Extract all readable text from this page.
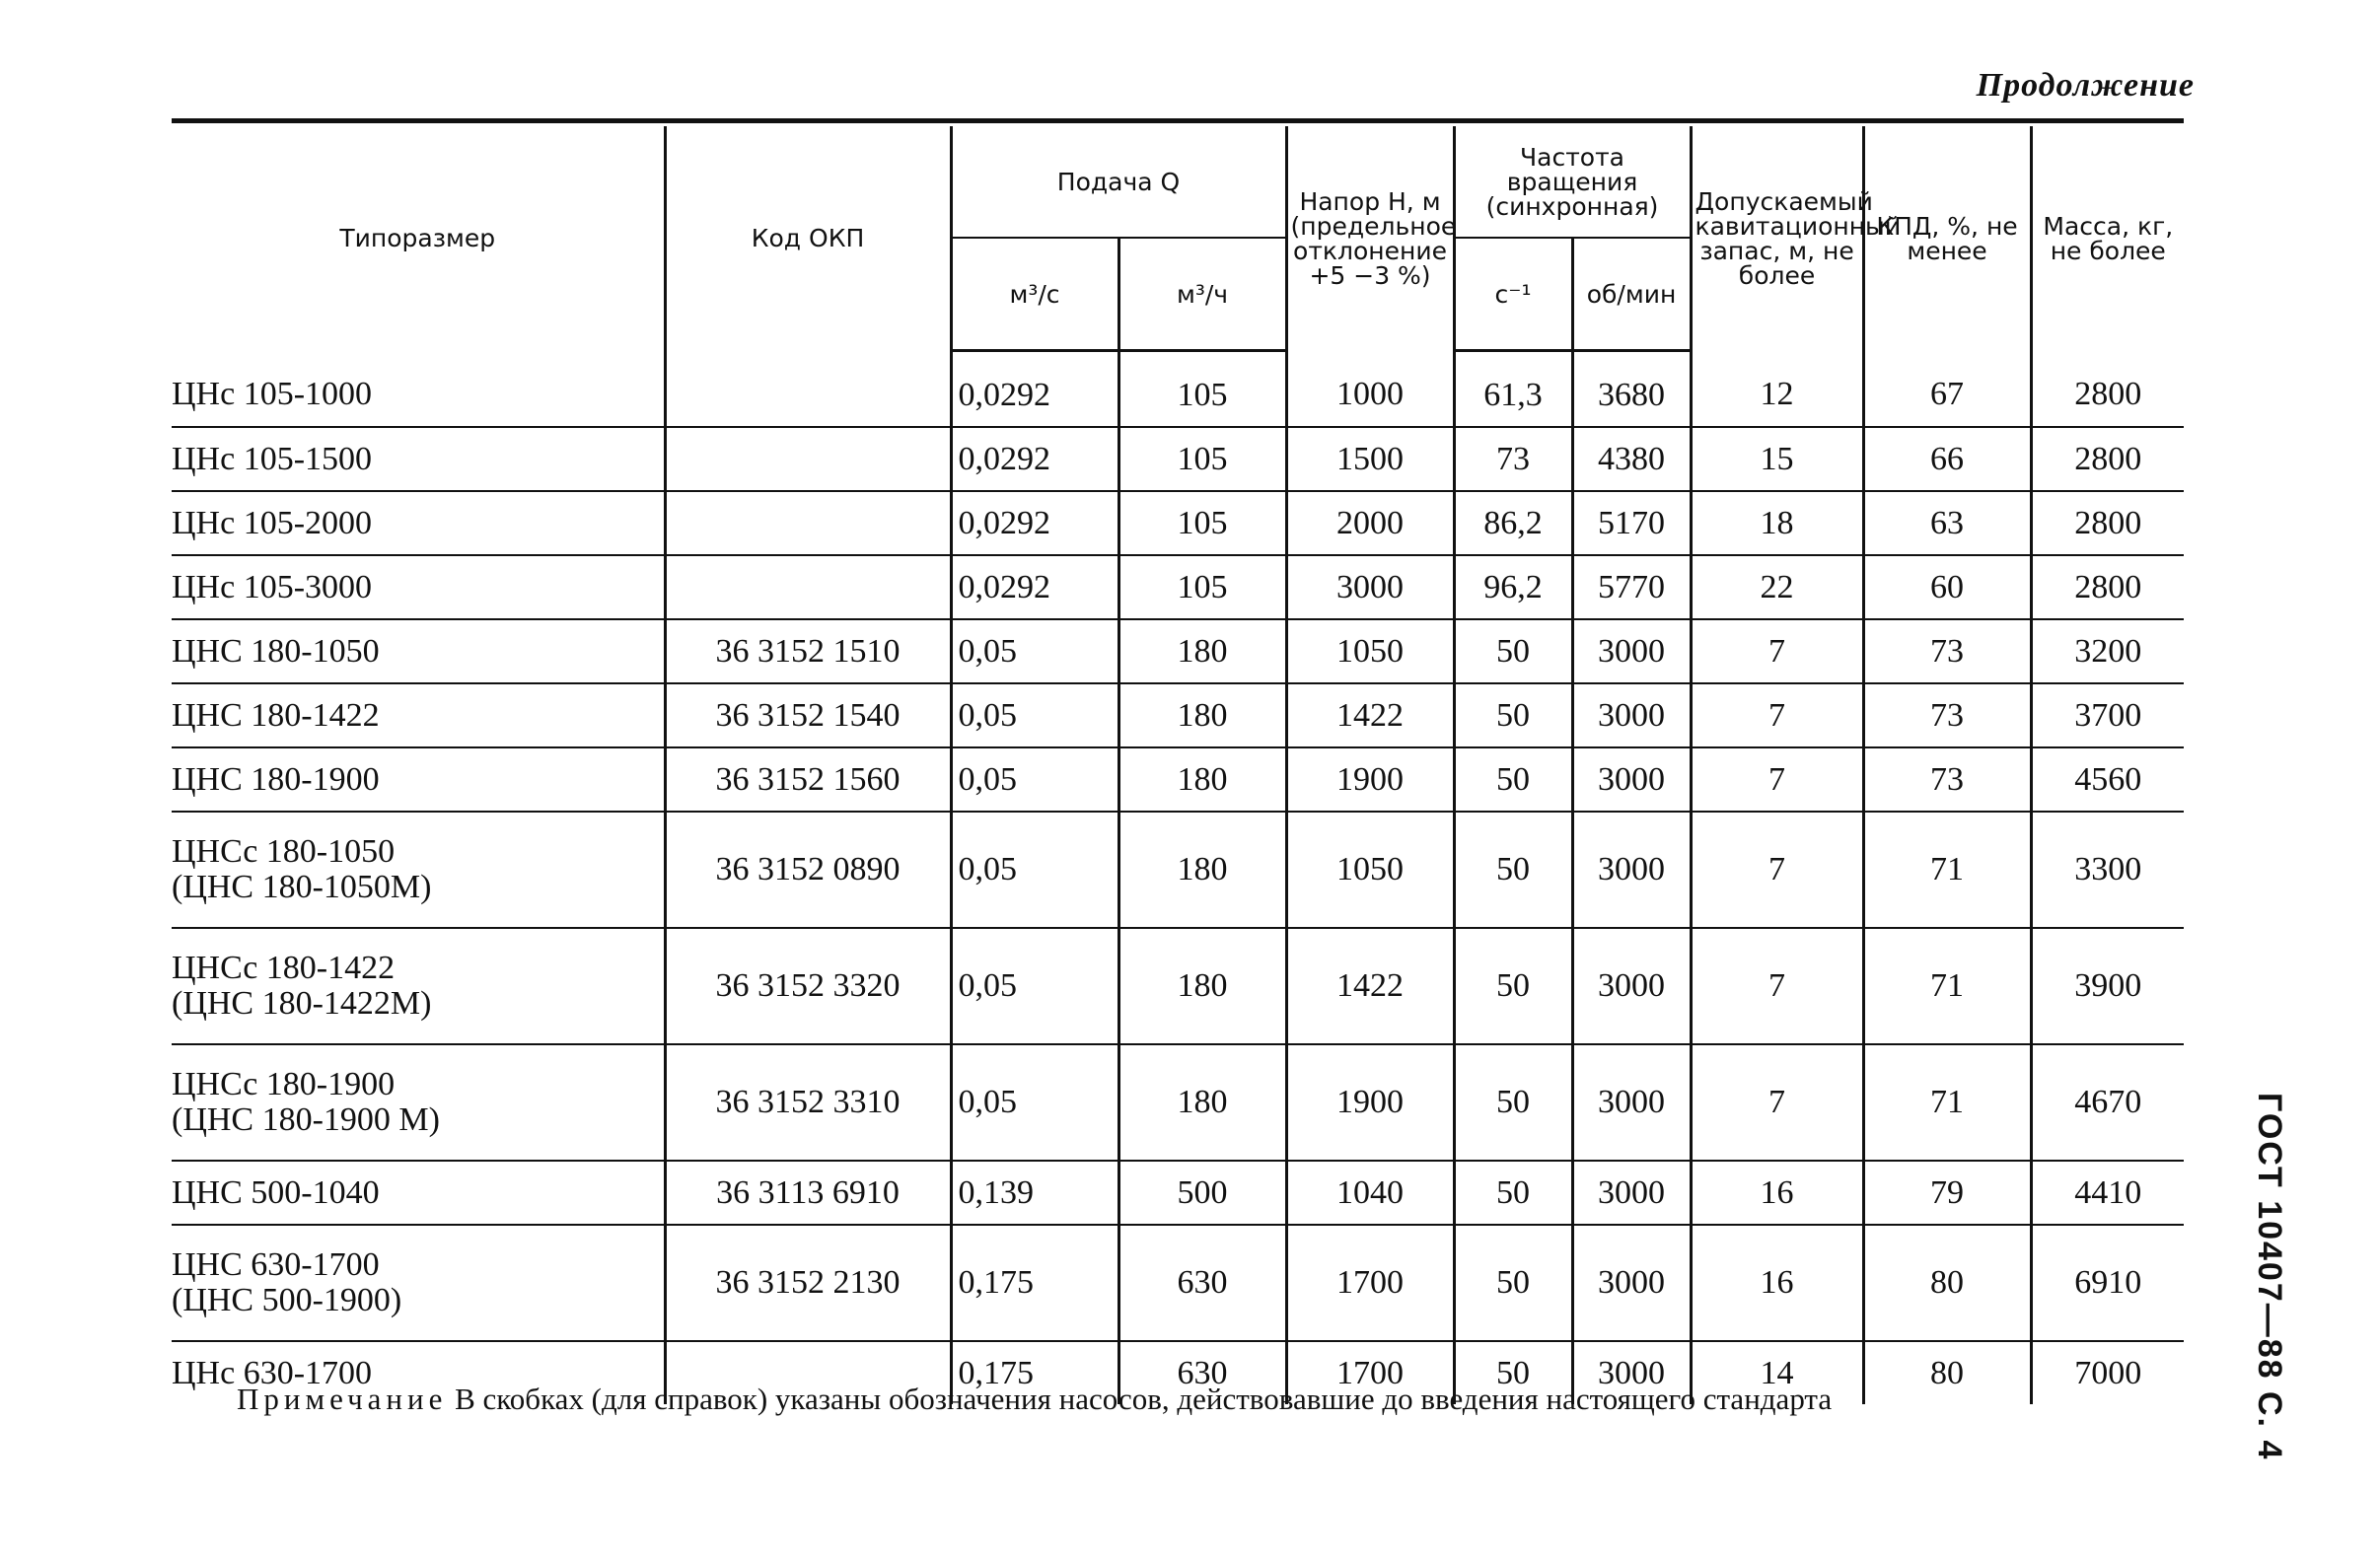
Продолжение
ГОСТ 10407—88 С. 4
Типоразмер	Код ОКП	Подача Q		Напор H, м (предельное отклонение +5 −3 %)	Частота вращения (синхронная)		Допускаемый кавитационный запас, м, не более	КПД, %, не менее	Масса, кг, не более
		м³/с	м³/ч		с⁻¹	об/мин			

ЦНс 105-1000		0,0292	105	1000	61,3	3680	12	67	2800

ЦНс 105-1500		0,0292	105	1500	73	4380	15	66	2800

ЦНс 105-2000		0,0292	105	2000	86,2	5170	18	63	2800

ЦНс 105-3000		0,0292	105	3000	96,2	5770	22	60	2800

ЦНС 180-1050	36 3152 1510	0,05	180	1050	50	3000	7	73	3200

ЦНС 180-1422	36 3152 1540	0,05	180	1422	50	3000	7	73	3700

ЦНС 180-1900	36 3152 1560	0,05	180	1900	50	3000	7	73	4560

ЦНСс 180-1050
(ЦНС 180-1050М)	36 3152 0890	0,05	180	1050	50	3000	7	71	3300

ЦНСс 180-1422
(ЦНС 180-1422М)	36 3152 3320	0,05	180	1422	50	3000	7	71	3900

ЦНСс 180-1900
(ЦНС 180-1900 М)	36 3152 3310	0,05	180	1900	50	3000	7	71	4670

ЦНС 500-1040	36 3113 6910	0,139	500	1040	50	3000	16	79	4410

ЦНС 630-1700
(ЦНС 500-1900)	36 3152 2130	0,175	630	1700	50	3000	16	80	6910

ЦНс 630-1700		0,175	630	1700	50	3000	14	80	7000
Примечание В скобках (для справок) указаны обозначения насосов, действовавшие до введения настоящего стандарта
